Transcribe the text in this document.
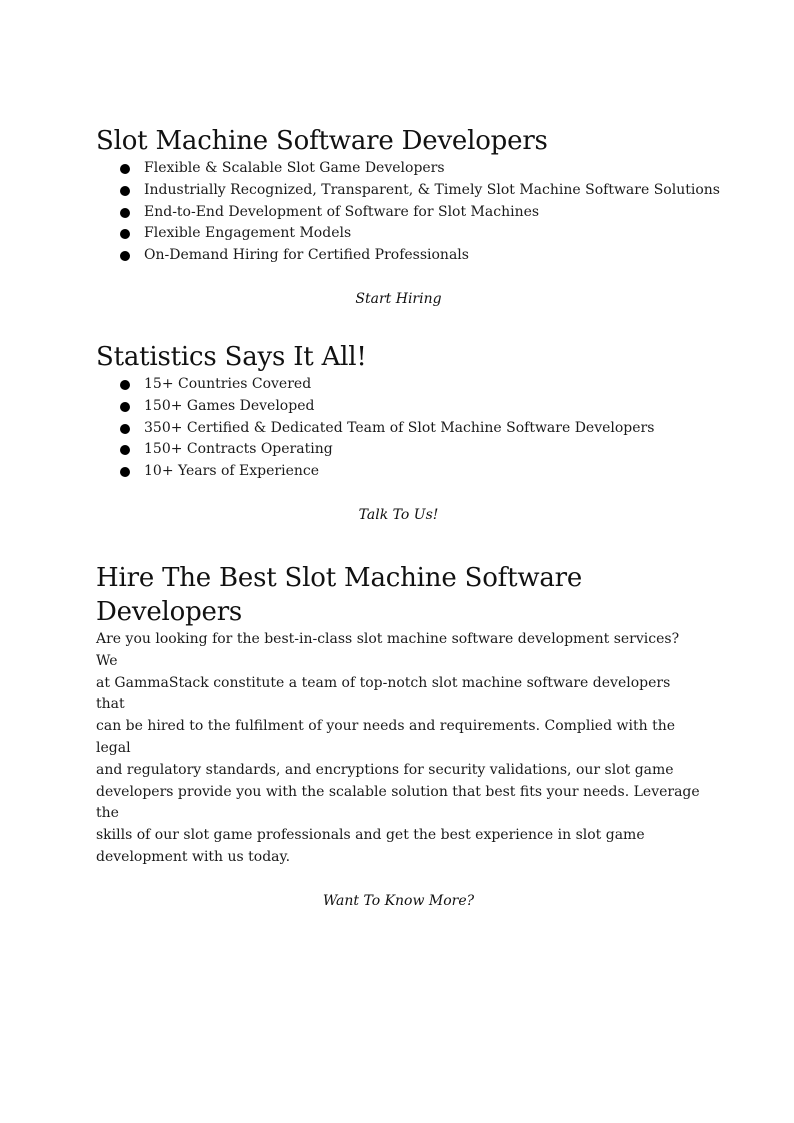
Slot Machine Software Developers
Flexible & Scalable Slot Game Developers
Industrially Recognized, Transparent, & Timely Slot Machine Software Solutions
End-to-End Development of Software for Slot Machines
Flexible Engagement Models
On-Demand Hiring for Certified Professionals
Start Hiring
Statistics Says It All!
15+ Countries Covered
150+ Games Developed
350+ Certified & Dedicated Team of Slot Machine Software Developers
150+ Contracts Operating
10+ Years of Experience
Talk To Us!
Hire The Best Slot Machine Software
Developers

Are you looking for the best-in-class slot machine software development services? We
at GammaStack constitute a team of top-notch slot machine software developers that
can be hired to the fulfilment of your needs and requirements. Complied with the legal
and regulatory standards, and encryptions for security validations, our slot game
developers provide you with the scalable solution that best fits your needs. Leverage the
skills of our slot game professionals and get the best experience in slot game
development with us today.

Want To Know More?
